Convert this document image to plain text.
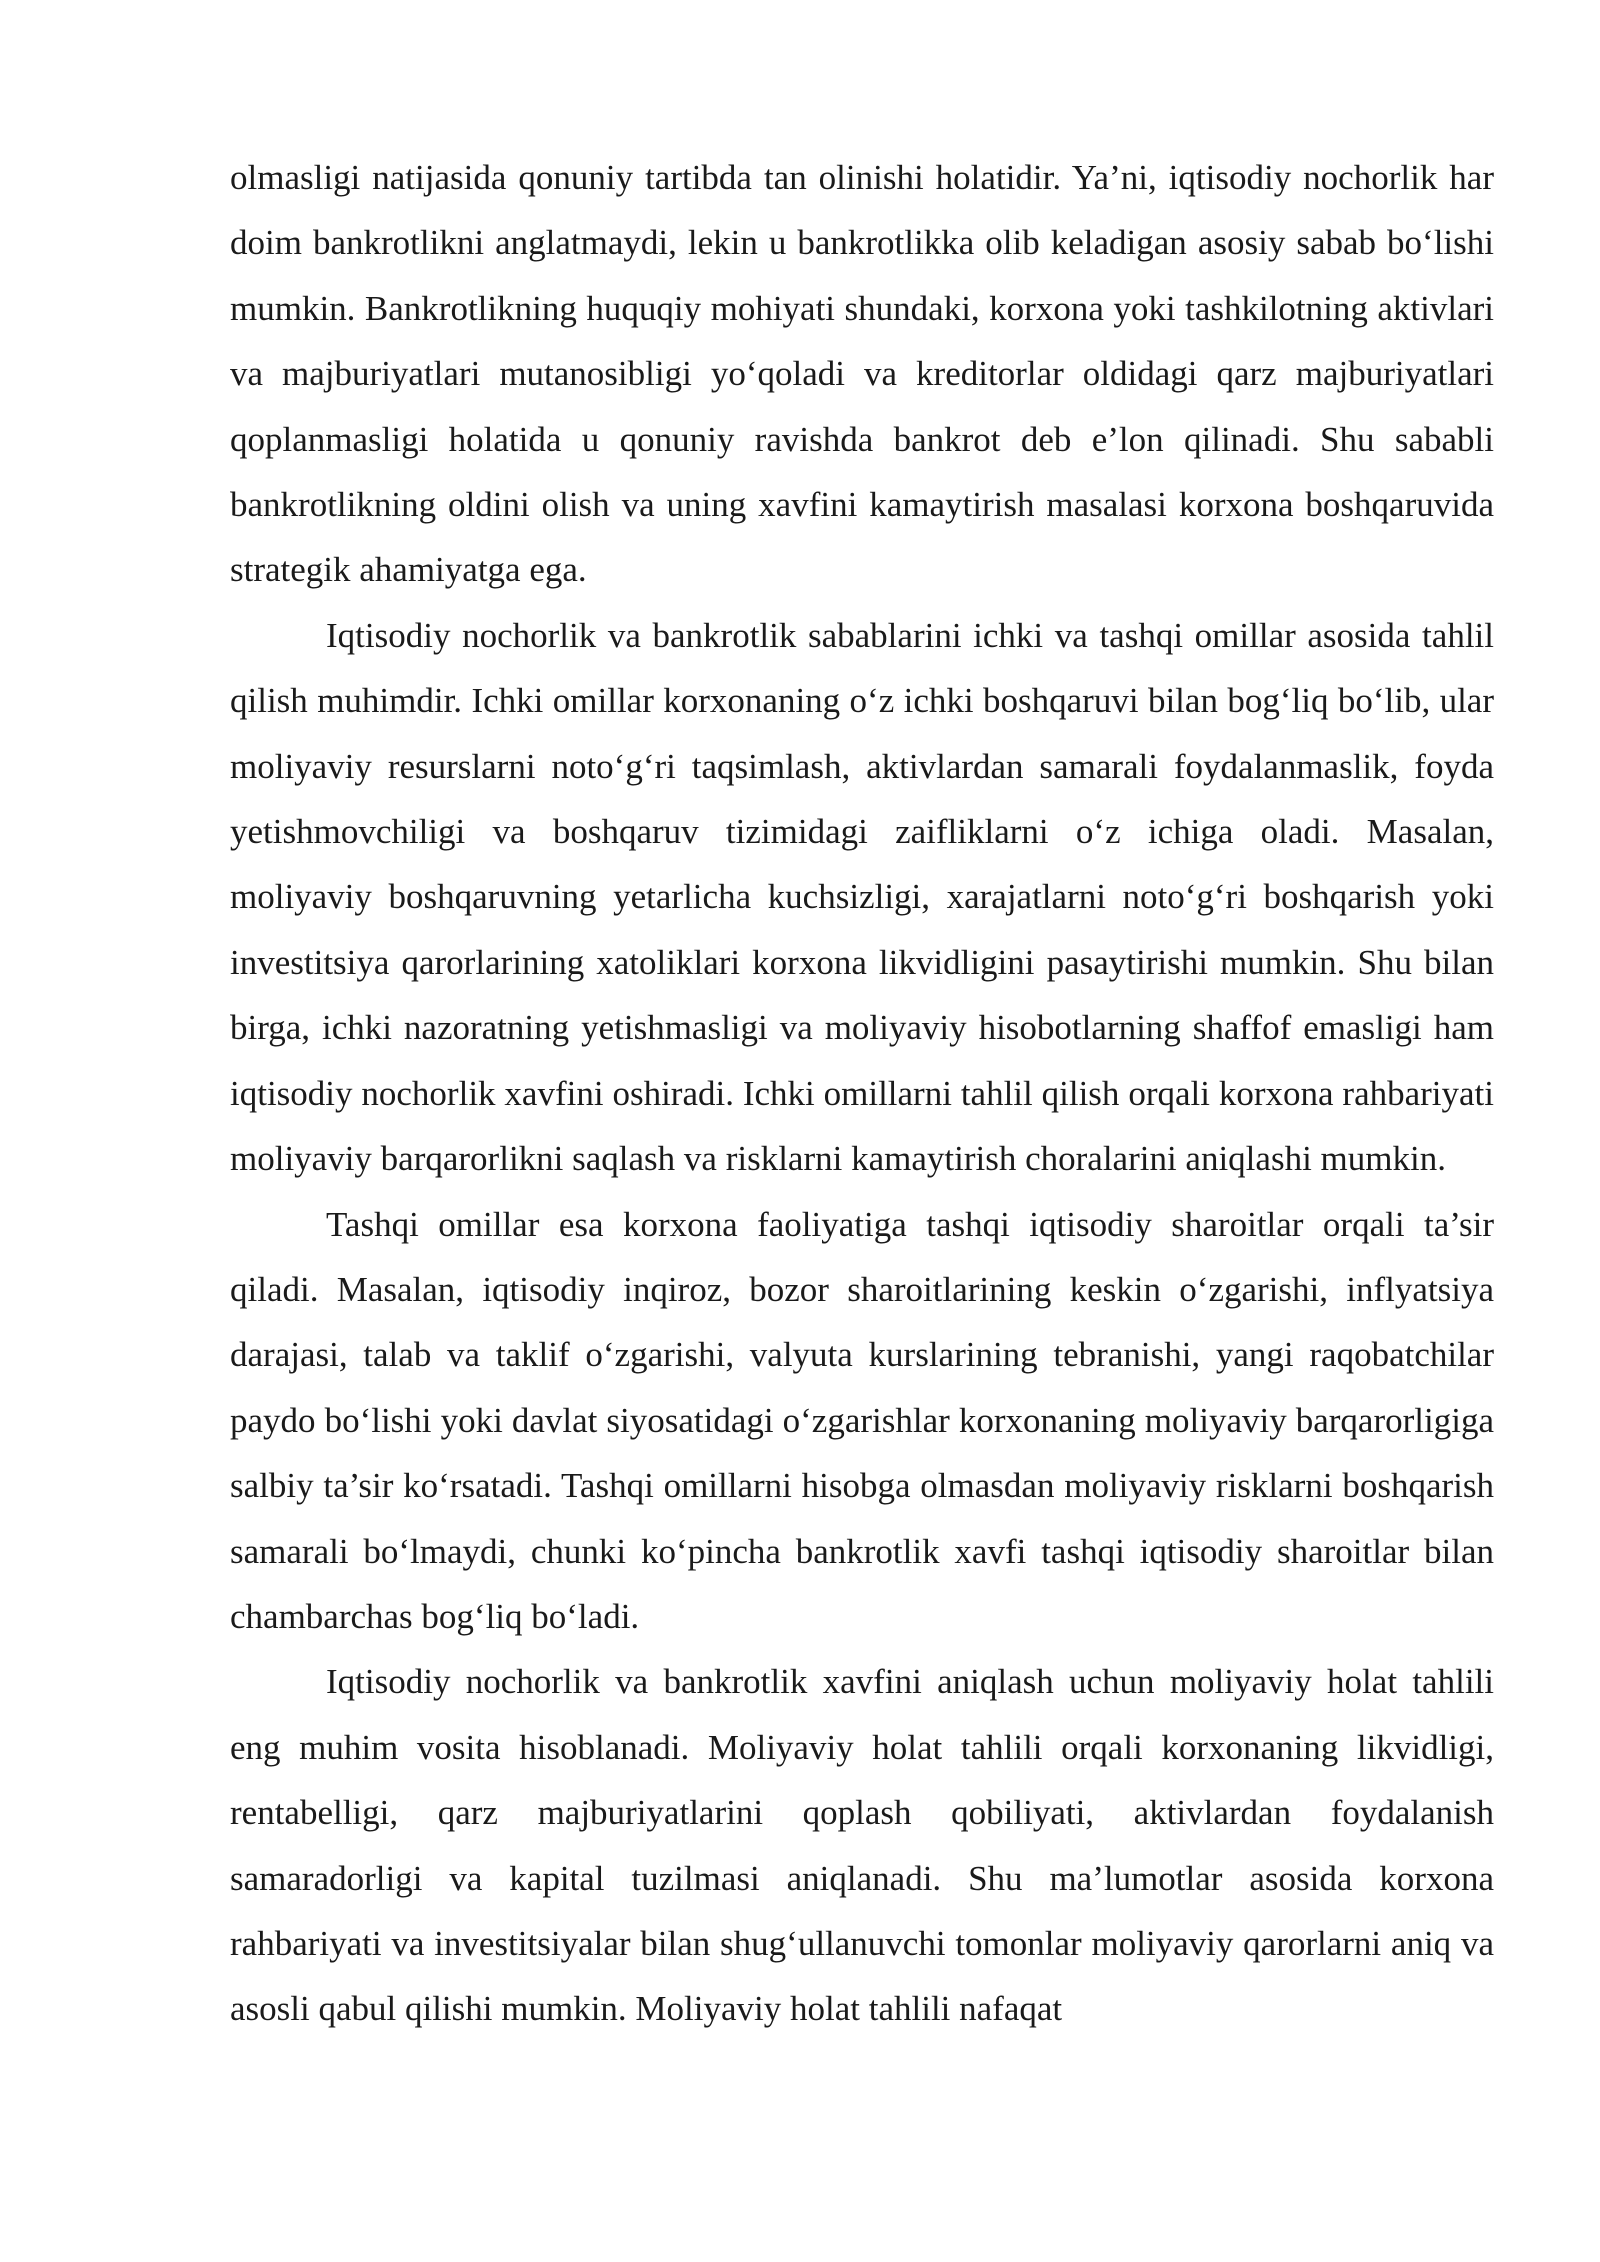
olmasligi natijasida qonuniy tartibda tan olinishi holatidir. Ya’ni, iqtisodiy nochorlik har doim bankrotlikni anglatmaydi, lekin u bankrotlikka olib keladigan asosiy sabab bo‘lishi mumkin. Bankrotlikning huquqiy mohiyati shundaki, korxona yoki tashkilotning aktivlari va majburiyatlari mutanosibligi yo‘qoladi va kreditorlar oldidagi qarz majburiyatlari qoplanmasligi holatida u qonuniy ravishda bankrot deb e’lon qilinadi. Shu sababli bankrotlikning oldini olish va uning xavfini kamaytirish masalasi korxona boshqaruvida strategik ahamiyatga ega.

Iqtisodiy nochorlik va bankrotlik sabablarini ichki va tashqi omillar asosida tahlil qilish muhimdir. Ichki omillar korxonaning o‘z ichki boshqaruvi bilan bog‘liq bo‘lib, ular moliyaviy resurslarni noto‘g‘ri taqsimlash, aktivlardan samarali foydalanmaslik, foyda yetishmovchiligi va boshqaruv tizimidagi zaifliklarni o‘z ichiga oladi. Masalan, moliyaviy boshqaruvning yetarlicha kuchsizligi, xarajatlarni noto‘g‘ri boshqarish yoki investitsiya qarorlarining xatoliklari korxona likvidligini pasaytirishi mumkin. Shu bilan birga, ichki nazoratning yetishmasligi va moliyaviy hisobotlarning shaffof emasligi ham iqtisodiy nochorlik xavfini oshiradi. Ichki omillarni tahlil qilish orqali korxona rahbariyati moliyaviy barqarorlikni saqlash va risklarni kamaytirish choralarini aniqlashi mumkin.

Tashqi omillar esa korxona faoliyatiga tashqi iqtisodiy sharoitlar orqali ta’sir qiladi. Masalan, iqtisodiy inqiroz, bozor sharoitlarining keskin o‘zgarishi, inflyatsiya darajasi, talab va taklif o‘zgarishi, valyuta kurslarining tebranishi, yangi raqobatchilar paydo bo‘lishi yoki davlat siyosatidagi o‘zgarishlar korxonaning moliyaviy barqarorligiga salbiy ta’sir ko‘rsatadi. Tashqi omillarni hisobga olmasdan moliyaviy risklarni boshqarish samarali bo‘lmaydi, chunki ko‘pincha bankrotlik xavfi tashqi iqtisodiy sharoitlar bilan chambarchas bog‘liq bo‘ladi.

Iqtisodiy nochorlik va bankrotlik xavfini aniqlash uchun moliyaviy holat tahlili eng muhim vosita hisoblanadi. Moliyaviy holat tahlili orqali korxonaning likvidligi, rentabelligi, qarz majburiyatlarini qoplash qobiliyati, aktivlardan foydalanish samaradorligi va kapital tuzilmasi aniqlanadi. Shu ma’lumotlar asosida korxona rahbariyati va investitsiyalar bilan shug‘ullanuvchi tomonlar moliyaviy qarorlarni aniq va asosli qabul qilishi mumkin. Moliyaviy holat tahlili nafaqat
